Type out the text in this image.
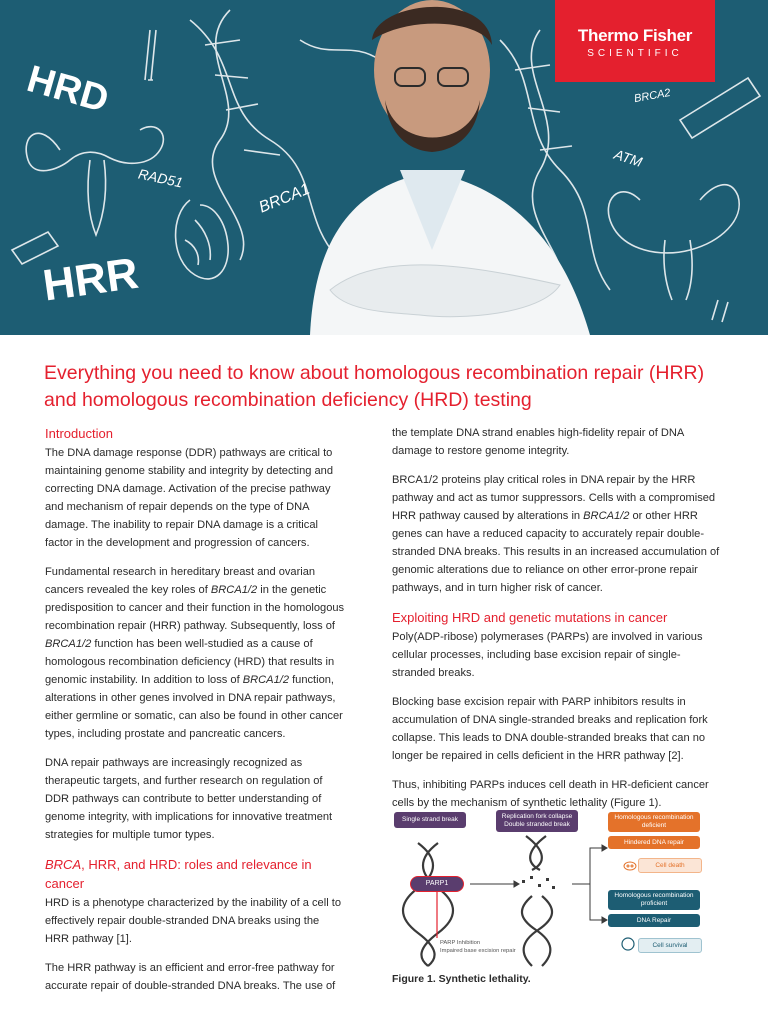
HRD
HRR
RAD51
BRCA1
BRCA2
ATM
Thermo Fisher
SCIENTIFIC
Everything you need to know about homologous recombination repair (HRR) and homologous recombination deficiency (HRD) testing
Introduction

The DNA damage response (DDR) pathways are critical to maintaining genome stability and integrity by detecting and correcting DNA damage. Activation of the precise pathway and mechanism of repair depends on the type of DNA damage. The inability to repair DNA damage is a critical factor in the development and progression of cancers.

Fundamental research in hereditary breast and ovarian cancers revealed the key roles of BRCA1/2 in the genetic predisposition to cancer and their function in the homologous recombination repair (HRR) pathway. Subsequently, loss of BRCA1/2 function has been well-studied as a cause of homologous recombination deficiency (HRD) that results in genomic instability. In addition to loss of BRCA1/2 function, alterations in other genes involved in DNA repair pathways, either germline or somatic, can also be found in other cancer types, including prostate and pancreatic cancers.

DNA repair pathways are increasingly recognized as therapeutic targets, and further research on regulation of DDR pathways can contribute to better understanding of genome integrity, with implications for innovative treatment strategies for multiple tumor types.

BRCA, HRR, and HRD: roles and relevance in cancer

HRD is a phenotype characterized by the inability of a cell to effectively repair double-stranded DNA breaks using the HRR pathway [1].

The HRR pathway is an efficient and error-free pathway for accurate repair of double-stranded DNA breaks. The use of

the template DNA strand enables high-fidelity repair of DNA damage to restore genome integrity.

BRCA1/2 proteins play critical roles in DNA repair by the HRR pathway and act as tumor suppressors. Cells with a compromised HRR pathway caused by alterations in BRCA1/2 or other HRR genes can have a reduced capacity to accurately repair double-stranded DNA breaks. This results in an increased accumulation of genomic alterations due to reliance on other error-prone repair pathways, and in turn higher risk of cancer.

Exploiting HRD and genetic mutations in cancer

Poly(ADP-ribose) polymerases (PARPs) are involved in various cellular processes, including base excision repair of single-stranded breaks.

Blocking base excision repair with PARP inhibitors results in accumulation of DNA single-stranded breaks and replication fork collapse. This leads to DNA double-stranded breaks that can no longer be repaired in cells deficient in the HRR pathway [2].

Thus, inhibiting PARPs induces cell death in HR-deficient cancer cells by the mechanism of synthetic lethality (Figure 1).

Single strand break	Replication fork collapse Double stranded break
PARP1
PARP Inhibition
Impaired base excision repair
Homologous recombination deficient
Hindered DNA repair
Cell death
Homologous recombination proficient
DNA Repair
Cell survival
Figure 1. Synthetic lethality.
